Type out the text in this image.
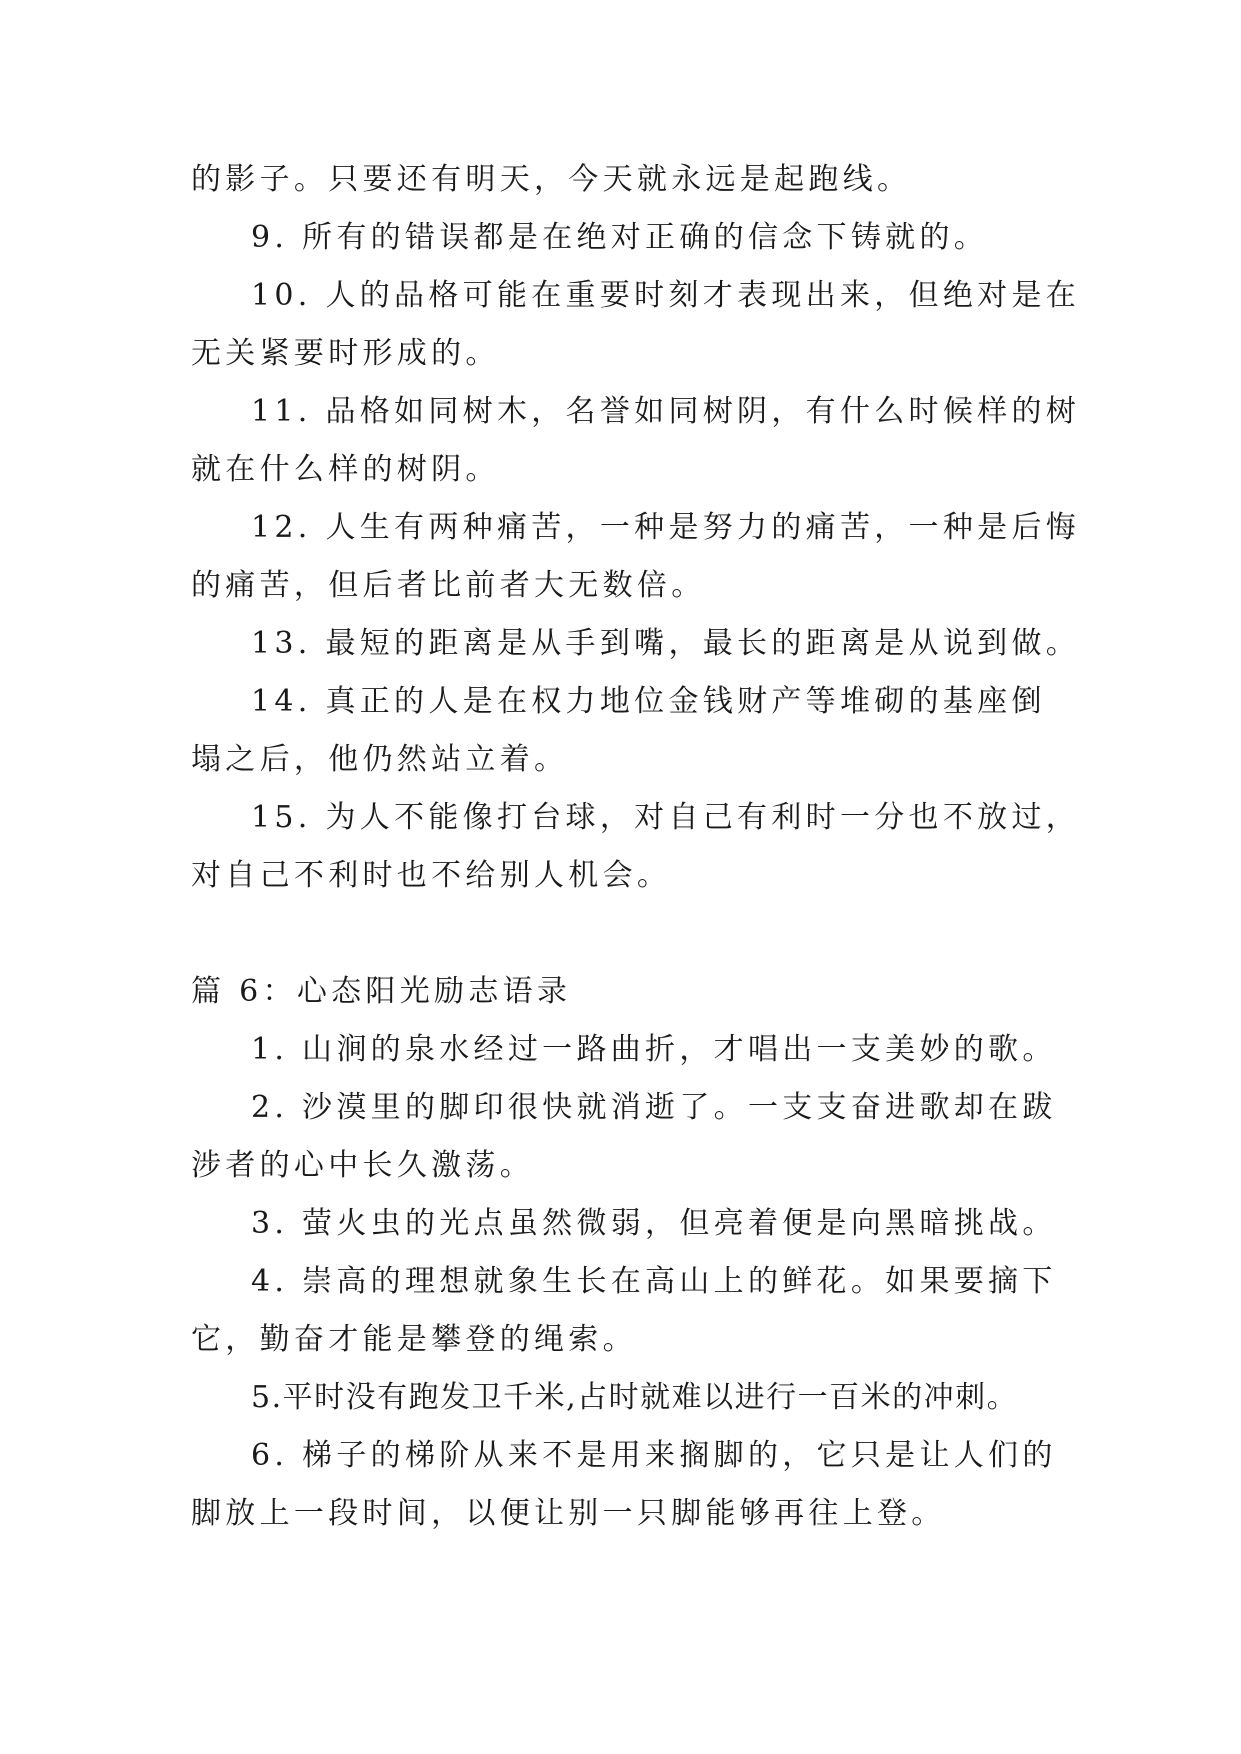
的影子。只要还有明天，今天就永远是起跑线。
9. 所有的错误都是在绝对正确的信念下铸就的。
10. 人的品格可能在重要时刻才表现出来，但绝对是在
无关紧要时形成的。
11. 品格如同树木，名誉如同树阴，有什么时候样的树
就在什么样的树阴。
12. 人生有两种痛苦，一种是努力的痛苦，一种是后悔
的痛苦，但后者比前者大无数倍。
13. 最短的距离是从手到嘴，最长的距离是从说到做。
14. 真正的人是在权力地位金钱财产等堆砌的基座倒
塌之后，他仍然站立着。
15. 为人不能像打台球，对自己有利时一分也不放过，
对自己不利时也不给别人机会。
篇 6：心态阳光励志语录
1. 山涧的泉水经过一路曲折，才唱出一支美妙的歌。
2. 沙漠里的脚印很快就消逝了。一支支奋进歌却在跋
涉者的心中长久激荡。
3. 萤火虫的光点虽然微弱，但亮着便是向黑暗挑战。
4. 崇高的理想就象生长在高山上的鲜花。如果要摘下
它，勤奋才能是攀登的绳索。
5.平时没有跑发卫千米,占时就难以进行一百米的冲刺。
6. 梯子的梯阶从来不是用来搁脚的，它只是让人们的
脚放上一段时间，以便让别一只脚能够再往上登。
